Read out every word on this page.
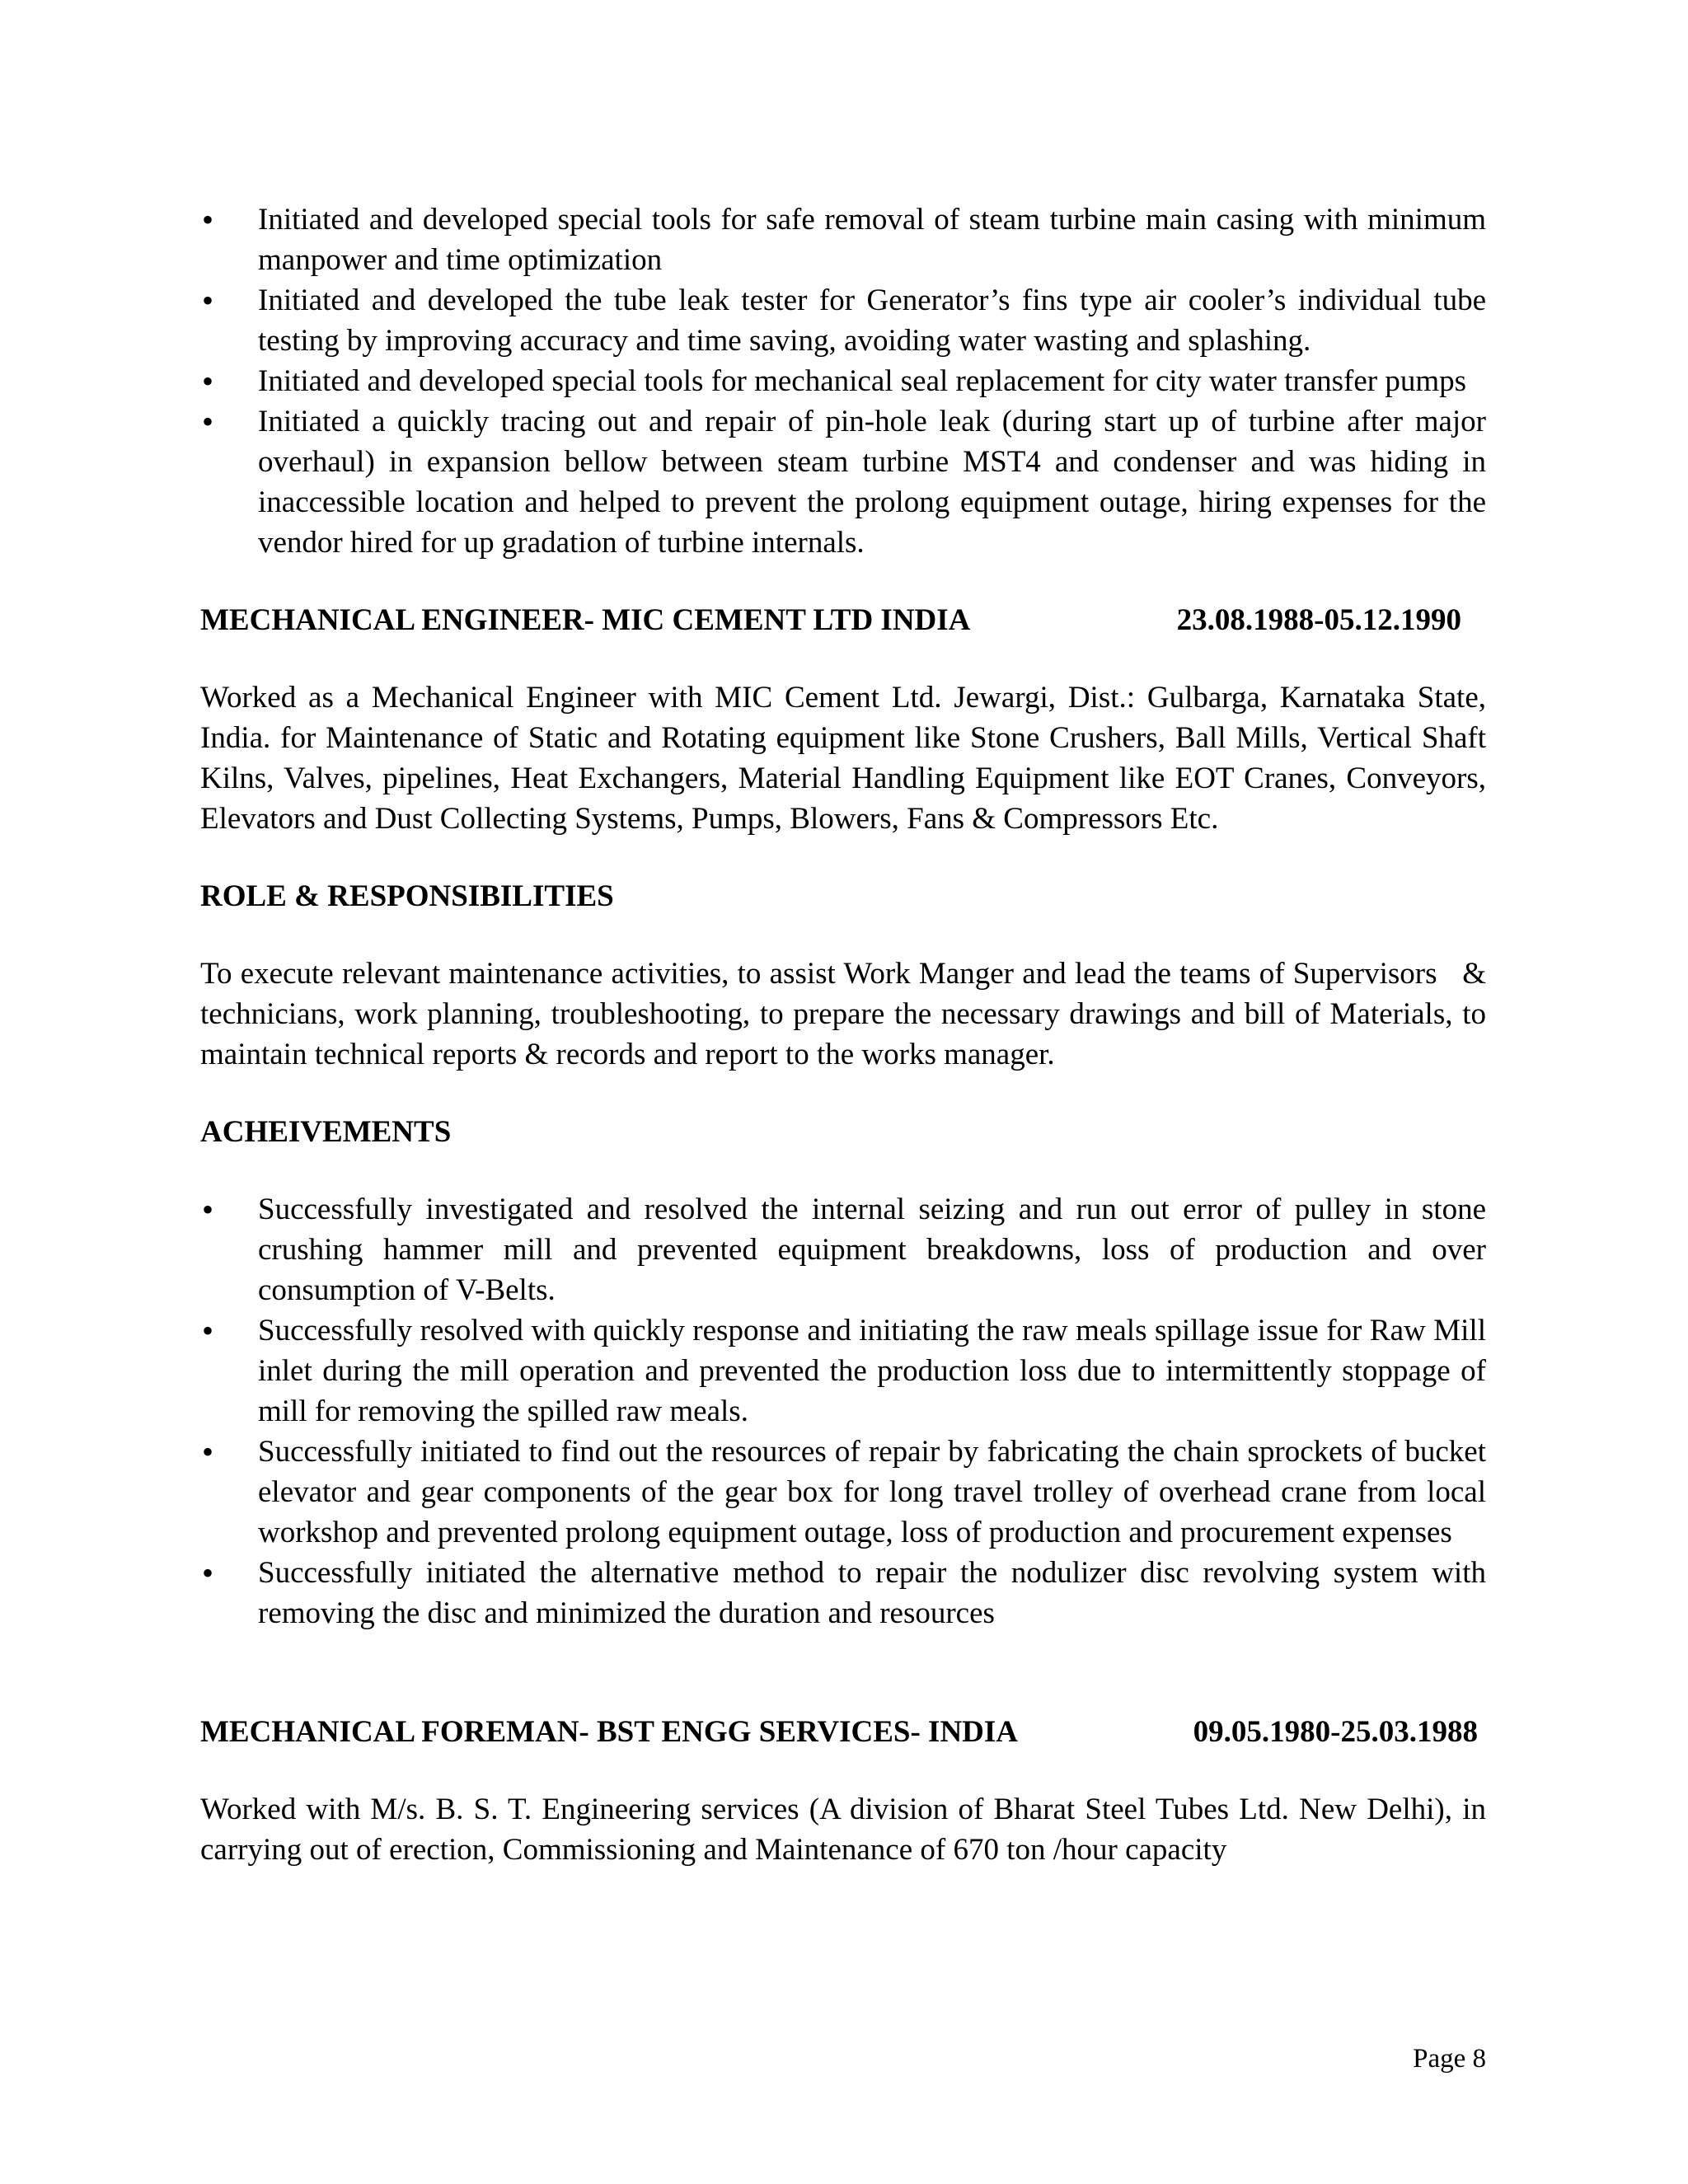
• Initiated and developed special tools for safe removal of steam turbine main casing with minimum manpower and time optimization
• Initiated and developed the tube leak tester for Generator’s fins type air cooler’s individual tube testing by improving accuracy and time saving, avoiding water wasting and splashing.
• Initiated and developed special tools for mechanical seal replacement for city water transfer pumps
• Initiated a quickly tracing out and repair of pin-hole leak (during start up of turbine after major overhaul) in expansion bellow between steam turbine MST4 and condenser and was hiding in inaccessible location and helped to prevent the prolong equipment outage, hiring expenses for the vendor hired for up gradation of turbine internals.
MECHANICAL ENGINEER- MIC CEMENT LTD INDIA	23.08.1988-05.12.1990

Worked as a Mechanical Engineer with MIC Cement Ltd. Jewargi, Dist.: Gulbarga, Karnataka State, India. for Maintenance of Static and Rotating equipment like Stone Crushers, Ball Mills, Vertical Shaft Kilns, Valves, pipelines, Heat Exchangers, Material Handling Equipment like EOT Cranes, Conveyors, Elevators and Dust Collecting Systems, Pumps, Blowers, Fans & Compressors Etc.

ROLE & RESPONSIBILITIES

To execute relevant maintenance activities, to assist Work Manger and lead the teams of Supervisors   & technicians, work planning, troubleshooting, to prepare the necessary drawings and bill of Materials, to maintain technical reports & records and report to the works manager.

ACHEIVEMENTS
• Successfully investigated and resolved the internal seizing and run out error of pulley in stone crushing hammer mill and prevented equipment breakdowns, loss of production and over consumption of V-Belts.
• Successfully resolved with quickly response and initiating the raw meals spillage issue for Raw Mill inlet during the mill operation and prevented the production loss due to intermittently stoppage of mill for removing the spilled raw meals.
• Successfully initiated to find out the resources of repair by fabricating the chain sprockets of bucket elevator and gear components of the gear box for long travel trolley of overhead crane from local workshop and prevented prolong equipment outage, loss of production and procurement expenses
• Successfully initiated the alternative method to repair the nodulizer disc revolving system with removing the disc and minimized the duration and resources
MECHANICAL FOREMAN- BST ENGG SERVICES- INDIA	09.05.1980-25.03.1988

Worked with M/s. B. S. T. Engineering services (A division of Bharat Steel Tubes Ltd. New Delhi), in carrying out of erection, Commissioning and Maintenance of 670 ton /hour capacity

Page 8
